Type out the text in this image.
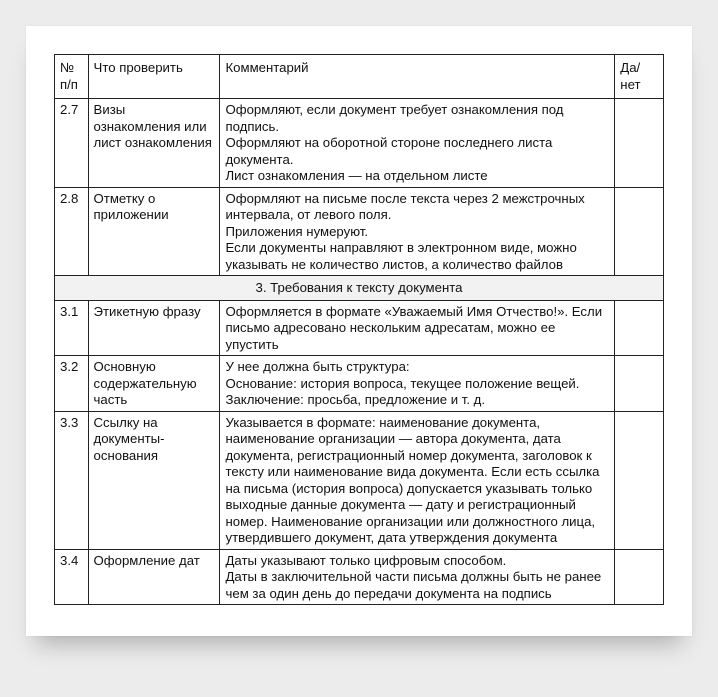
№ п/п	Что проверить	Комментарий	Да/ нет
2.7	Визы ознакомления или лист ознакомления	Оформляют, если документ требует ознакомления под подпись.
Оформляют на оборотной стороне последнего листа документа.
Лист ознакомления — на отдельном листе	

2.8	Отметку о приложении	Оформляют на письме после текста через 2 межстрочных интервала, от левого поля.
Приложения нумеруют.
Если документы направляют в электронном виде, можно указывать не количество листов, а количество файлов	

3. Требования к тексту документа			
3.1	Этикетную фразу	Оформляется в формате «Уважаемый Имя Отчество!». Если письмо адресовано нескольким адресатам, можно ее упустить	

3.2	Основную содержательную часть	У нее должна быть структура:
Основание: история вопроса, текущее положение вещей.
Заключение: просьба, предложение и т. д.	

3.3	Ссылку на документы-основания	Указывается в формате: наименование документа, наименование организации — автора документа, дата документа, регистрационный номер документа, заголовок к тексту или наименование вида документа. Если есть ссылка на письма (история вопроса) допускается указывать только выходные данные документа — дату и регистрационный номер. Наименование организации или должностного лица, утвердившего документ, дата утверждения документа	

3.4	Оформление дат	Даты указывают только цифровым способом.
Даты в заключительной части письма должны быть не ранее чем за один день до передачи документа на подпись	
